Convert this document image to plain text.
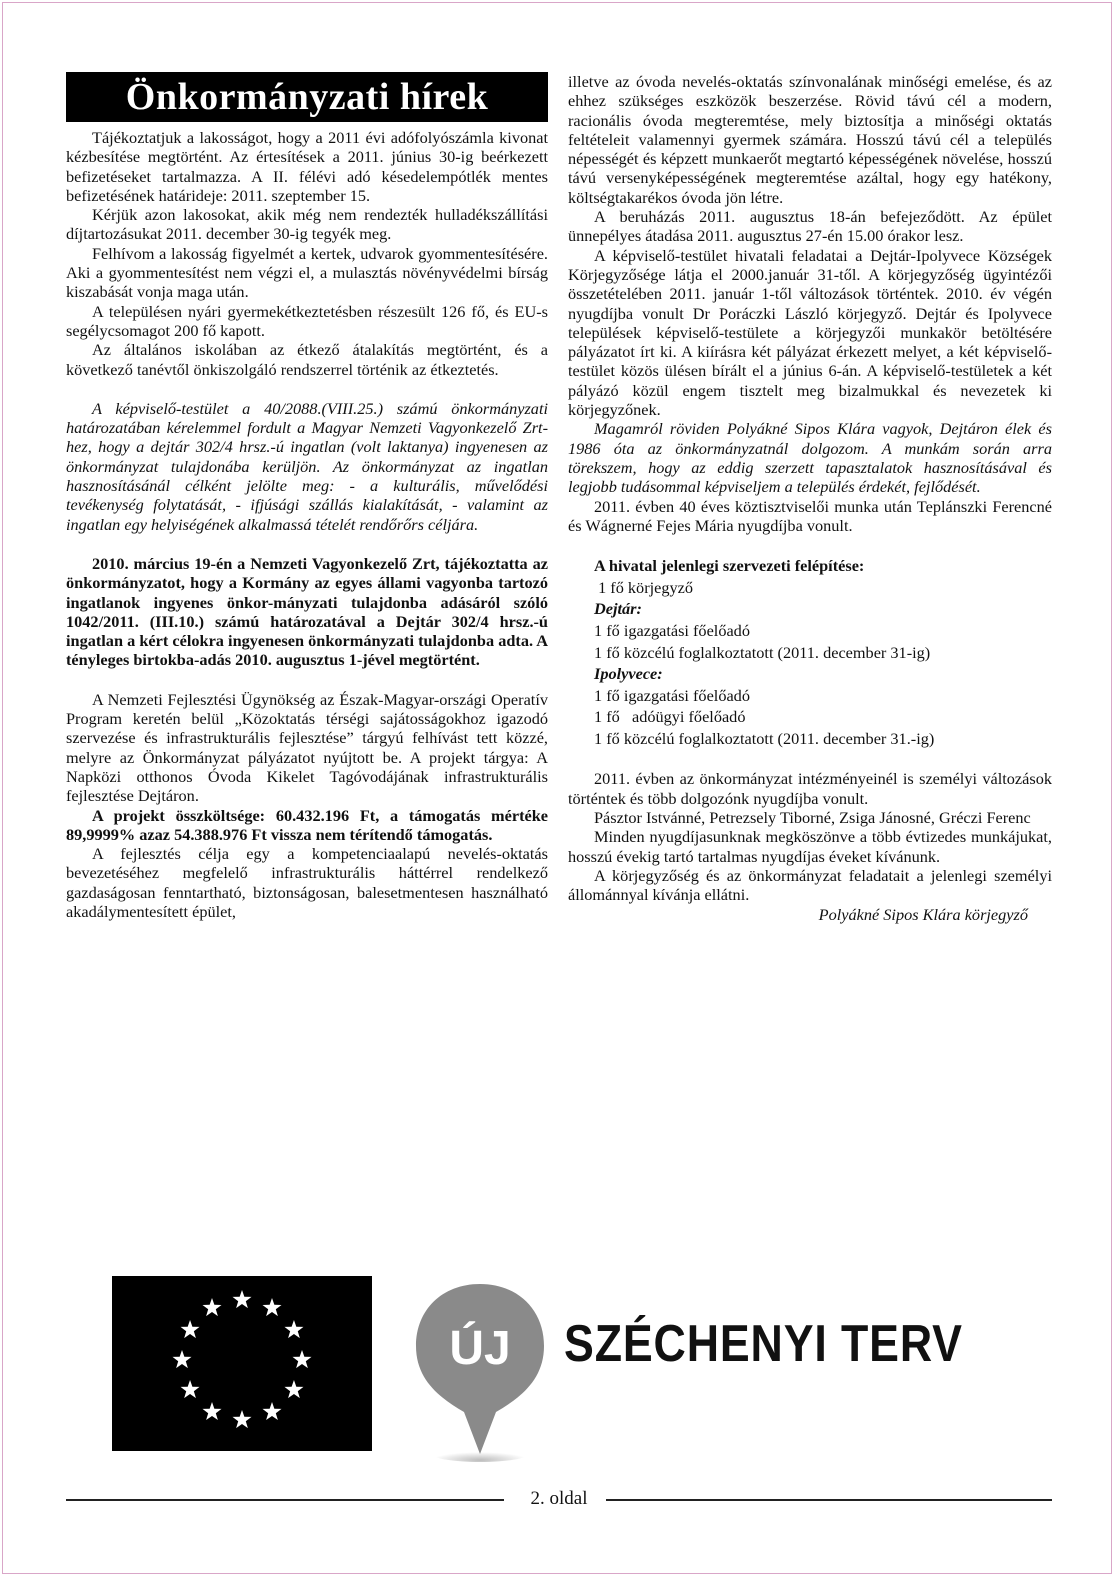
Önkormányzati hírek

Tájékoztatjuk a lakosságot, hogy a 2011 évi adófolyószámla kivonat kézbesítése megtörtént. Az értesítések a 2011. június 30-ig beérkezett befizetéseket tartalmazza. A II. félévi adó késedelempótlék mentes befizetésének határideje: 2011. szeptember 15.

Kérjük azon lakosokat, akik még nem rendezték hulladékszállítási díjtartozásukat 2011. december 30-ig tegyék meg.

Felhívom a lakosság figyelmét a kertek, udvarok gyommentesítésére. Aki a gyommentesítést nem végzi el, a mulasztás növényvédelmi bírság kiszabását vonja maga után.

A településen nyári gyermekétkeztetésben részesült 126 fő, és EU-s segélycsomagot 200 fő kapott.

Az általános iskolában az étkező átalakítás megtörtént, és a következő tanévtől önkiszolgáló rendszerrel történik az étkeztetés.

A képviselő-testület a 40/2088.(VIII.25.) számú önkormányzati határozatában kérelemmel fordult a Magyar Nemzeti Vagyonkezelő Zrt-hez, hogy a dejtár 302/4 hrsz.-ú ingatlan (volt laktanya) ingyenesen az önkormányzat tulajdonába kerüljön. Az önkormányzat az ingatlan hasznosításánál célként jelölte meg: - a kulturális, művelődési tevékenység folytatását, - ifjúsági szállás kialakítását, - valamint az ingatlan egy helyiségének alkalmassá tételét rendőrőrs céljára.

2010. március 19-én a Nemzeti Vagyonkezelő Zrt, tájékoztatta az önkormányzatot, hogy a Kormány az egyes állami vagyonba tartozó ingatlanok ingyenes önkor-mányzati tulajdonba adásáról szóló 1042/2011. (III.10.) számú határozatával a Dejtár 302/4 hrsz.-ú ingatlan a kért célokra ingyenesen önkormányzati tulajdonba adta. A tényleges birtokba-adás 2010. augusztus 1-jével megtörtént.

A Nemzeti Fejlesztési Ügynökség az Észak-Magyar-országi Operatív Program keretén belül „Közoktatás térségi sajátosságokhoz igazodó szervezése és infrastrukturális fejlesztése” tárgyú felhívást tett közzé, melyre az Önkormányzat pályázatot nyújtott be. A projekt tárgya: A Napközi otthonos Óvoda Kikelet Tagóvodájának infrastrukturális fejlesztése Dejtáron.

A projekt összköltsége: 60.432.196 Ft, a támogatás mértéke 89,9999% azaz 54.388.976 Ft vissza nem térítendő támogatás.

A fejlesztés célja egy a kompetenciaalapú nevelés-oktatás bevezetéséhez megfelelő infrastrukturális háttérrel rendelkező gazdaságosan fenntartható, biztonságosan, balesetmentesen használható akadálymentesített épület,

illetve az óvoda nevelés-oktatás színvonalának minőségi emelése, és az ehhez szükséges eszközök beszerzése. Rövid távú cél a modern, racionális óvoda megteremtése, mely biztosítja a minőségi oktatás feltételeit valamennyi gyermek számára. Hosszú távú cél a település népességét és képzett munkaerőt megtartó képességének növelése, hosszú távú versenyképességének megteremtése azáltal, hogy egy hatékony, költségtakarékos óvoda jön létre.

A beruházás 2011. augusztus 18-án befejeződött. Az épület ünnepélyes átadása 2011. augusztus 27-én 15.00 órakor lesz.

A képviselő-testület hivatali feladatai a Dejtár-Ipolyvece Községek Körjegyzősége látja el 2000.január 31-től. A körjegyzőség ügyintézői összetételében 2011. január 1-től változások történtek. 2010. év végén nyugdíjba vonult Dr Poráczki László körjegyző. Dejtár és Ipolyvece települések képviselő-testülete a körjegyzői munkakör betöltésére pályázatot írt ki. A kiírásra két pályázat érkezett melyet, a két képviselő-testület közös ülésen bírált el a június 6-án. A képviselő-testületek a két pályázó közül engem tisztelt meg bizalmukkal és nevezetek ki körjegyzőnek.

Magamról röviden Polyákné Sipos Klára vagyok, Dejtáron élek és 1986 óta az önkormányzatnál dolgozom. A munkám során arra törekszem, hogy az eddig szerzett tapasztalatok hasznosításával és legjobb tudásommal képviseljem a település érdekét, fejlődését.

2011. évben 40 éves köztisztviselői munka után Teplánszki Ferencné és Wágnerné Fejes Mária nyugdíjba vonult.

A hivatal jelenlegi szervezeti felépítése:
1 fő körjegyző
Dejtár:
1 fő igazgatási főelőadó
1 fő közcélú foglalkoztatott (2011. december 31-ig)
Ipolyvece:
1 fő igazgatási főelőadó
1 fő   adóügyi főelőadó
1 fő közcélú foglalkoztatott (2011. december 31.-ig)

2011. évben az önkormányzat intézményeinél is személyi változások történtek és több dolgozónk nyugdíjba vonult.

Pásztor Istvánné, Petrezsely Tiborné, Zsiga Jánosné, Gréczi Ferenc

Minden nyugdíjasunknak megköszönve a több évtizedes munkájukat, hosszú évekig tartó tartalmas nyugdíjas éveket kívánunk.

A körjegyzőség és az önkormányzat feladatait a jelenlegi személyi állománnyal kívánja ellátni.

Polyákné Sipos Klára körjegyző
ÚJ SZÉCHENYI TERV
2. oldal
